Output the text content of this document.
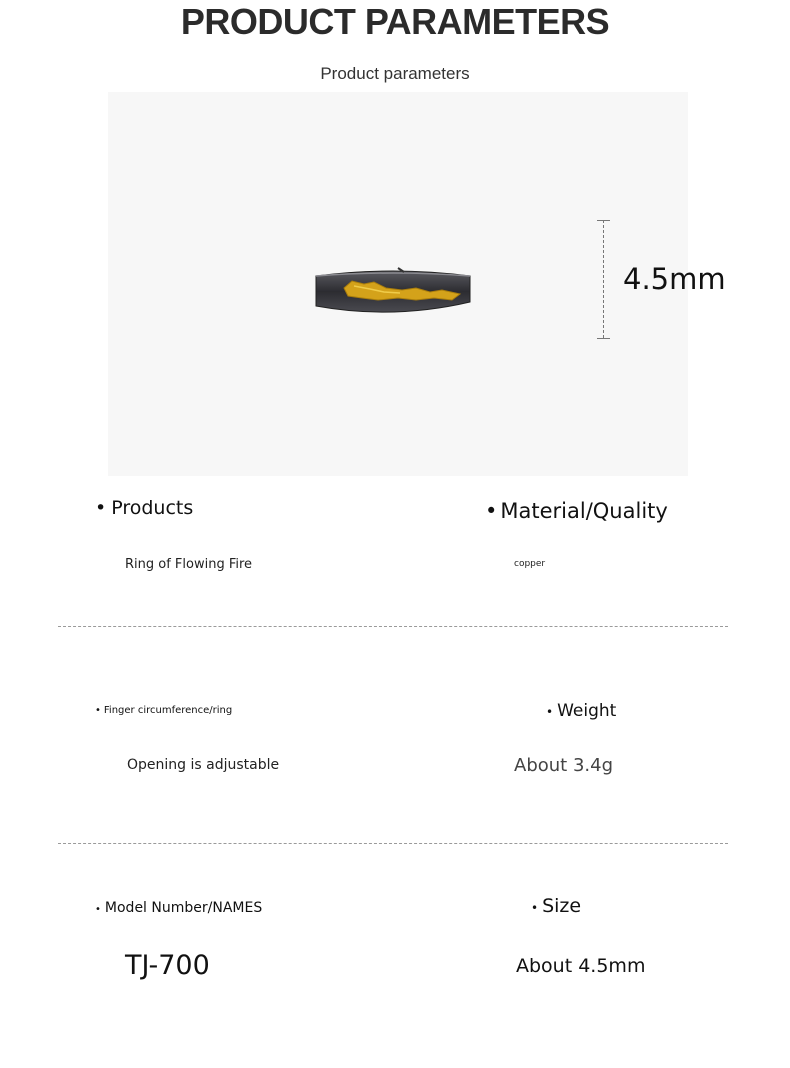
PRODUCT PARAMETERS
Product parameters
4.5mm
• Products
Ring of Flowing Fire
• Material/Quality
copper
• Finger circumference/ring
Opening is adjustable
• Weight
About 3.4g
• Model Number/NAMES
TJ-700
• Size
About 4.5mm
